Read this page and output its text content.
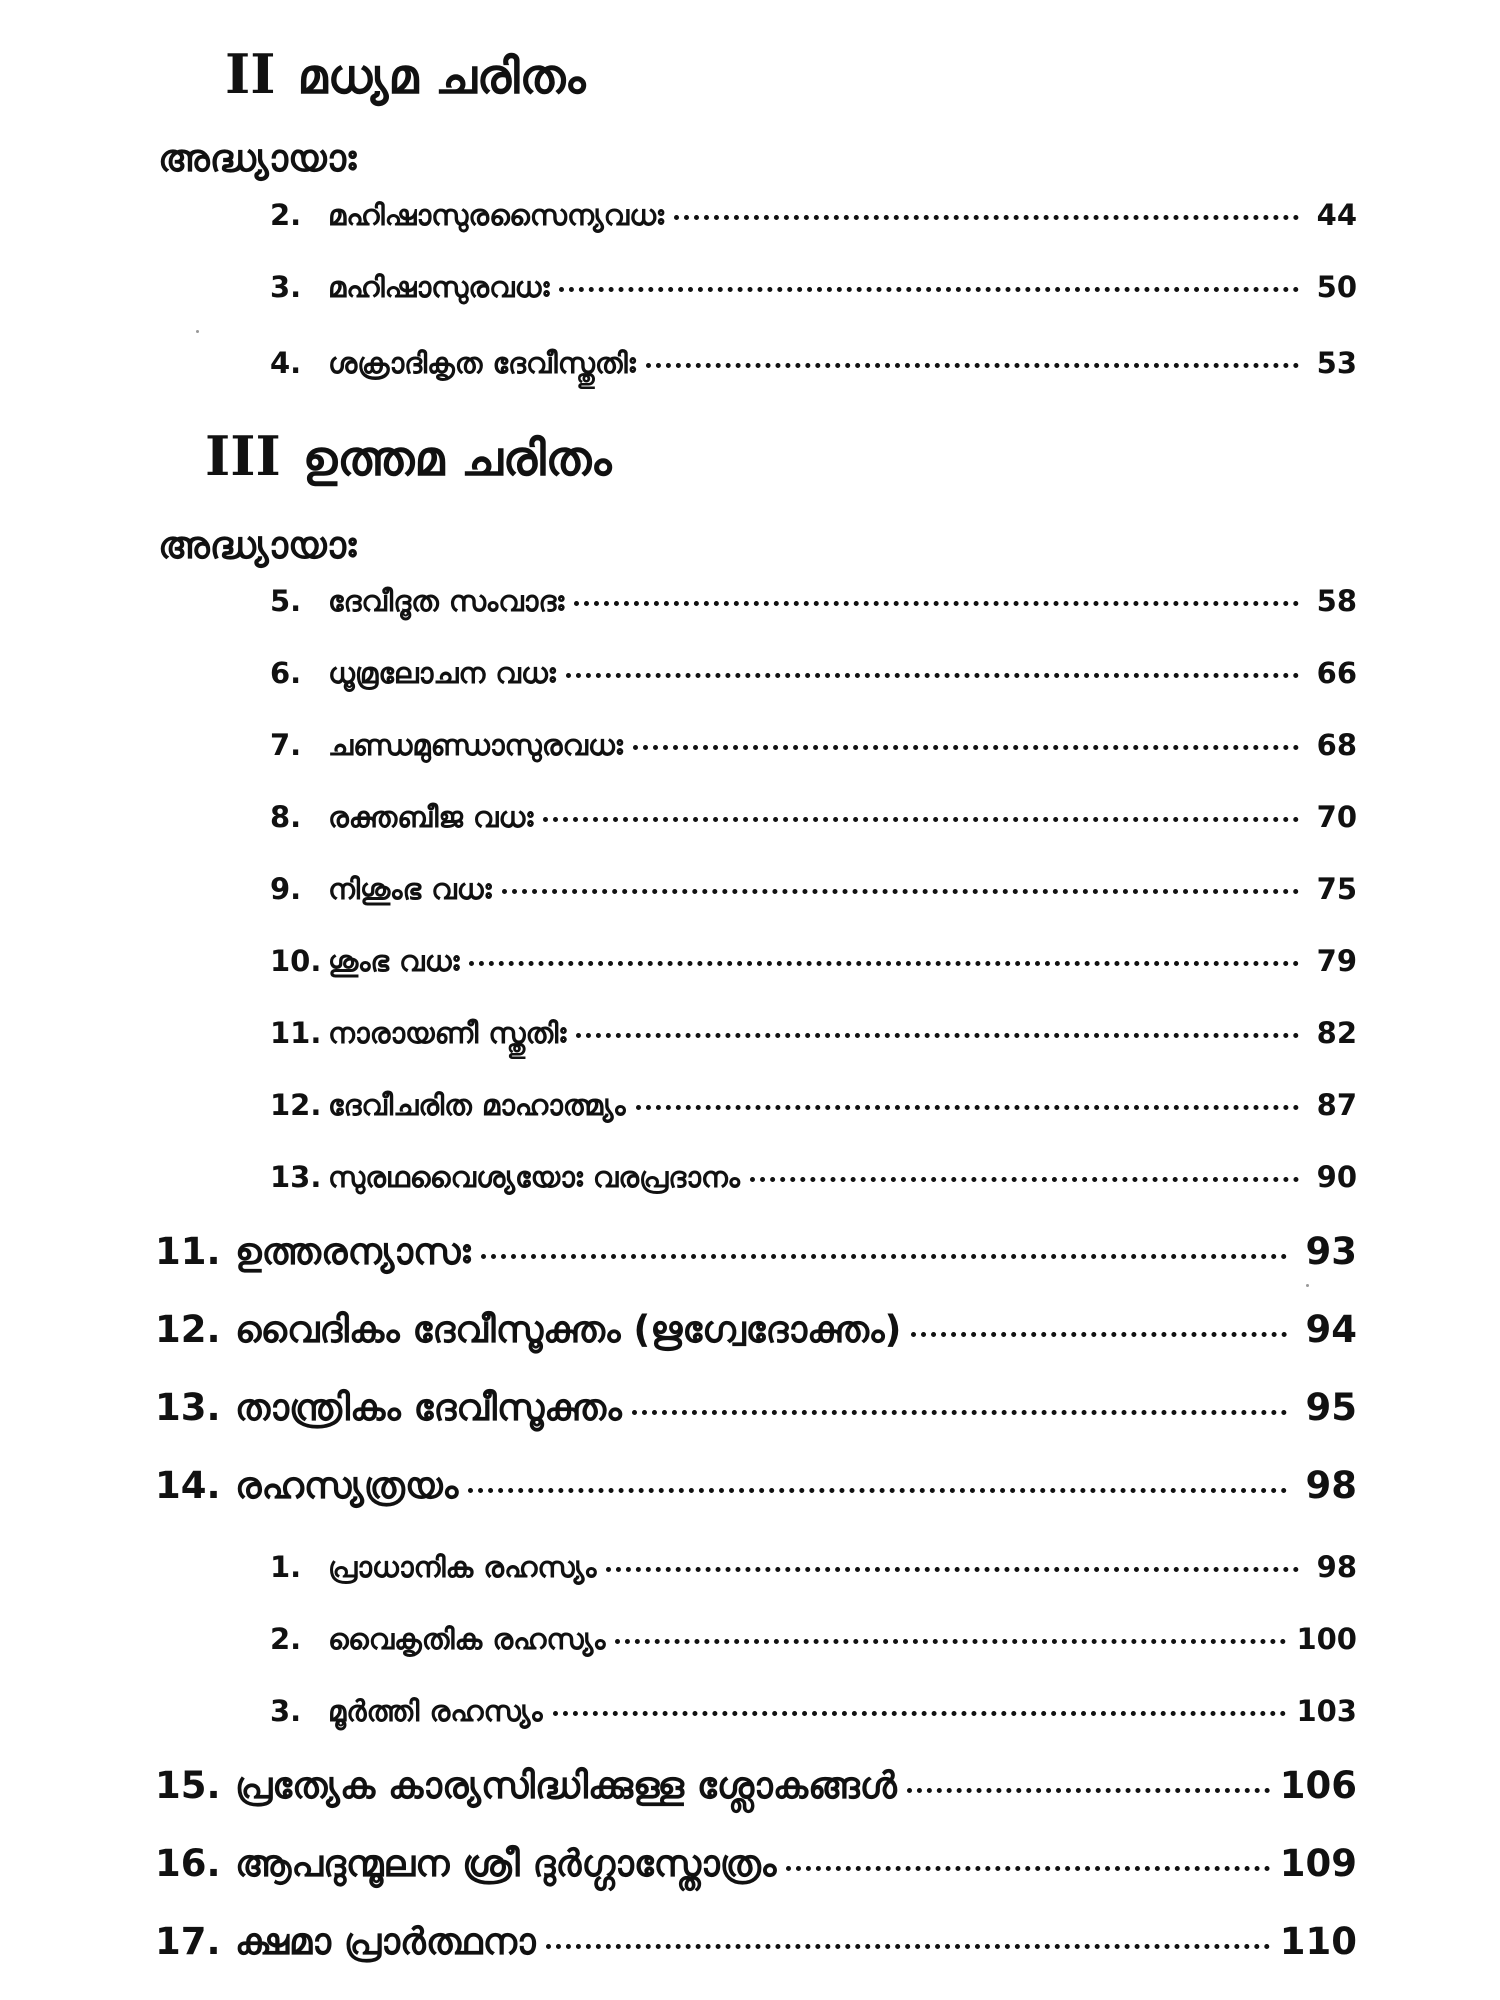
II മധ്യമ ചരിതം
അദ്ധ്യായാഃ
2. മഹിഷാസുരസൈന്യവധഃ	44
3. മഹിഷാസുരവധഃ	50
4. ശക്രാദികൃത ദേവീസ്തുതിഃ	53
III ഉത്തമ ചരിതം
അദ്ധ്യായാഃ
5. ദേവീദൂത സംവാദഃ	58
6. ധൂമ്രലോചന വധഃ	66
7. ചണ്ഡമുണ്ഡാസുരവധഃ	68
8. രക്തബീജ വധഃ	70
9. നിശുംഭ വധഃ	75
10. ശുംഭ വധഃ	79
11. നാരായണീ സ്തുതിഃ	82
12. ദേവീചരിത മാഹാത്മ്യം	87
13. സുരഥവൈശ്യയോഃ വരപ്രദാനം	90
11. ഉത്തരന്യാസഃ	93
12. വൈദികം ദേവീസൂക്തം (ഋഗ്വേദോക്തം)	94
13. താന്ത്രികം ദേവീസൂക്തം	95
14. രഹസ്യത്രയം	98
1. പ്രാധാനിക രഹസ്യം	98
2. വൈകൃതിക രഹസ്യം	100
3. മൂർത്തി രഹസ്യം	103
15. പ്രത്യേക കാര്യസിദ്ധിക്കുള്ള ശ്ലോകങ്ങൾ	106
16. ആപദുന്മൂലന ശ്രീ ദുർഗ്ഗാസ്തോത്രം	109
17. ക്ഷമാ പ്രാർത്ഥനാ	110
